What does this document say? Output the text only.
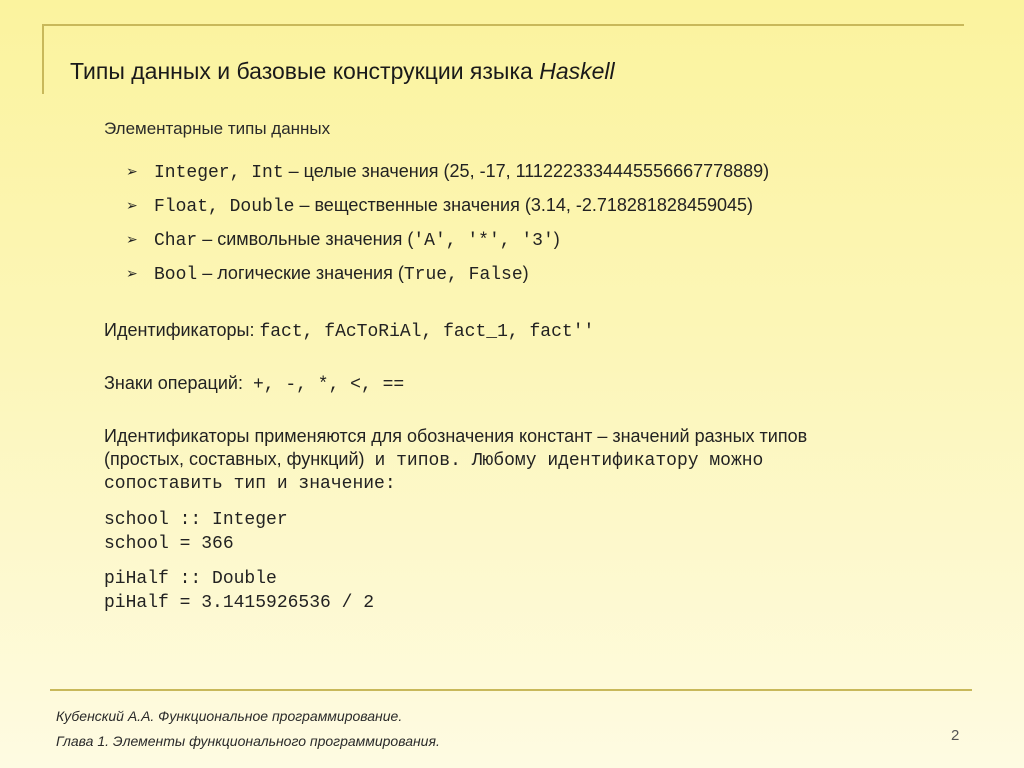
Типы данных и базовые конструкции языка Haskell
Элементарные типы данных
➢ Integer, Int – целые значения (25, -17, 1112223334445556667778889)
➢ Float, Double – вещественные значения (3.14, -2.718281828459045)
➢ Char – символьные значения ('A', '*', '3')
➢ Bool – логические значения (True, False)
Идентификаторы: fact, fAcToRiAl, fact_1, fact''
Знаки операций:  +, -, *, <, ==
Идентификаторы применяются для обозначения констант – значений разных типов
(простых, составных, функций)  и типов. Любому идентификатору можно
сопоставить тип и значение:
school :: Integer
school = 366
piHalf :: Double
piHalf = 3.1415926536 / 2
Кубенский А.А. Функциональное программирование.
Глава 1. Элементы функционального программирования.	2
